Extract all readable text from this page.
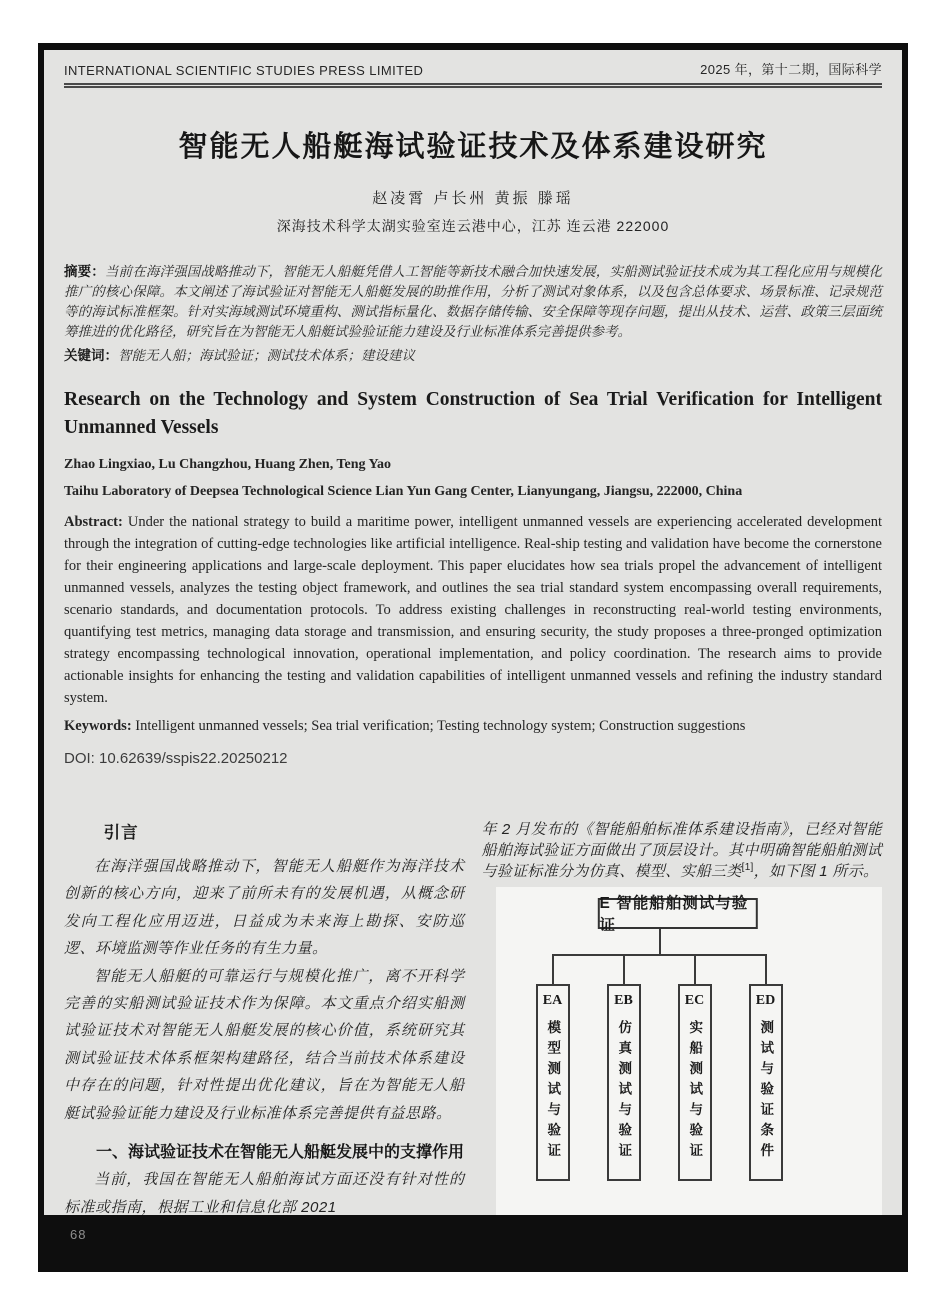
INTERNATIONAL SCIENTIFIC STUDIES PRESS LIMITED	2025 年，第十二期，国际科学
智能无人船艇海试验证技术及体系建设研究
赵凌霄 卢长州 黄振 滕瑶
深海技术科学太湖实验室连云港中心，江苏 连云港 222000
摘要：当前在海洋强国战略推动下，智能无人船艇凭借人工智能等新技术融合加快速发展，实船测试验证技术成为其工程化应用与规模化推广的核心保障。本文阐述了海试验证对智能无人船艇发展的助推作用，分析了测试对象体系，以及包含总体要求、场景标准、记录规范等的海试标准框架。针对实海域测试环境重构、测试指标量化、数据存储传输、安全保障等现存问题，提出从技术、运营、政策三层面统筹推进的优化路径，研究旨在为智能无人船艇试验验证能力建设及行业标准体系完善提供参考。
关键词：智能无人船；海试验证；测试技术体系；建设建议
Research on the Technology and System Construction of Sea Trial Verification for Intelligent Unmanned Vessels
Zhao Lingxiao, Lu Changzhou, Huang Zhen, Teng Yao
Taihu Laboratory of Deepsea Technological Science Lian Yun Gang Center, Lianyungang, Jiangsu, 222000, China
Abstract: Under the national strategy to build a maritime power, intelligent unmanned vessels are experiencing accelerated development through the integration of cutting-edge technologies like artificial intelligence. Real-ship testing and validation have become the cornerstone for their engineering applications and large-scale deployment. This paper elucidates how sea trials propel the advancement of intelligent unmanned vessels, analyzes the testing object framework, and outlines the sea trial standard system encompassing overall requirements, scenario standards, and documentation protocols. To address existing challenges in reconstructing real-world testing environments, quantifying test metrics, managing data storage and transmission, and ensuring security, the study proposes a three-pronged optimization strategy encompassing technological innovation, operational implementation, and policy coordination. The research aims to provide actionable insights for enhancing the testing and validation capabilities of intelligent unmanned vessels and refining the industry standard system.
Keywords: Intelligent unmanned vessels; Sea trial verification; Testing technology system; Construction suggestions
DOI: 10.62639/sspis22.20250212
引言

在海洋强国战略推动下，智能无人船艇作为海洋技术创新的核心方向，迎来了前所未有的发展机遇，从概念研发向工程化应用迈进，日益成为未来海上勘探、安防巡逻、环境监测等作业任务的有生力量。

智能无人船艇的可靠运行与规模化推广，离不开科学完善的实船测试验证技术作为保障。本文重点介绍实船测试验证技术对智能无人船艇发展的核心价值，系统研究其测试验证技术体系框架构建路径，结合当前技术体系建设中存在的问题，针对性提出优化建议，旨在为智能无人船艇试验验证能力建设及行业标准体系完善提供有益思路。

一、海试验证技术在智能无人船艇发展中的支撑作用

当前，我国在智能无人船舶海试方面还没有针对性的标准或指南，根据工业和信息化部 2021

年 2 月发布的《智能船舶标准体系建设指南》，已经对智能船舶海试验证方面做出了顶层设计。其中明确智能船舶测试与验证标准分为仿真、模型、实船三类[1]，如下图 1 所示。

E 智能船舶测试与验证
EA
模型测试与验证
EB
仿真测试与验证
EC
实船测试与验证
ED
测试与验证条件
68
